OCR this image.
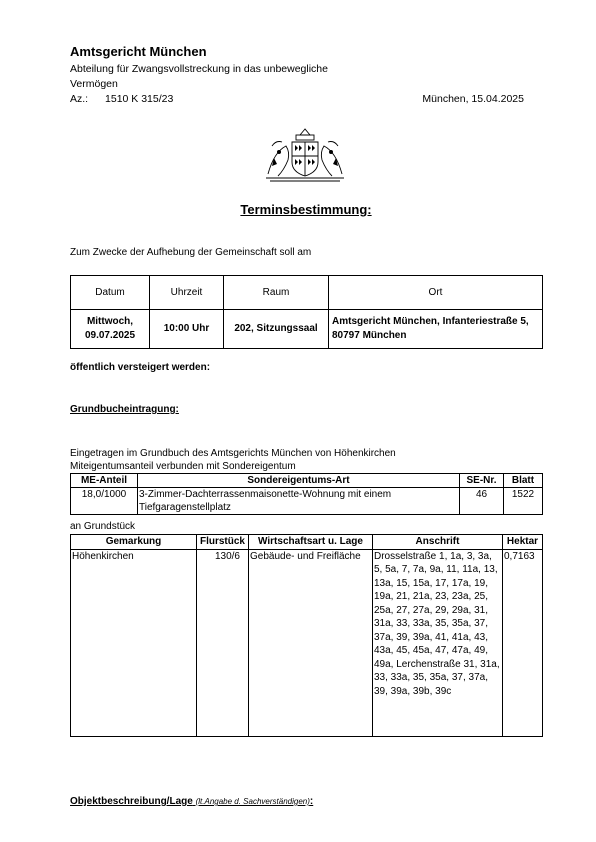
Amtsgericht München
Abteilung für Zwangsvollstreckung in das unbewegliche Vermögen
Az.: 1510 K 315/23	München, 15.04.2025
Terminsbestimmung:
Zum Zwecke der Aufhebung der Gemeinschaft soll am
Datum	Uhrzeit	Raum	Ort
Mittwoch, 09.07.2025	10:00 Uhr	202, Sitzungssaal	Amtsgericht München, Infanteriestraße 5, 80797 München
öffentlich versteigert werden:
Grundbucheintragung:
Eingetragen im Grundbuch des Amtsgerichts München von Höhenkirchen
Miteigentumsanteil verbunden mit Sondereigentum
ME-Anteil	Sondereigentums-Art	SE-Nr.	Blatt
18,0/1000	3-Zimmer-Dachterrassenmaisonette-Wohnung mit einem Tiefgaragenstellplatz	46	1522
an Grundstück
Gemarkung	Flurstück	Wirtschaftsart u. Lage	Anschrift	Hektar
Höhenkirchen	130/6	Gebäude- und Freifläche	Drosselstraße 1, 1a, 3, 3a, 5, 5a, 7, 7a, 9a, 11, 11a, 13, 13a, 15, 15a, 17, 17a, 19, 19a, 21, 21a, 23, 23a, 25, 25a, 27, 27a, 29, 29a, 31, 31a, 33, 33a, 35, 35a, 37, 37a, 39, 39a, 41, 41a, 43, 43a, 45, 45a, 47, 47a, 49, 49a, Lerchenstraße 31, 31a, 33, 33a, 35, 35a, 37, 37a, 39, 39a, 39b, 39c	0,7163
Objektbeschreibung/Lage (lt.Angabe d. Sachverständigen):
